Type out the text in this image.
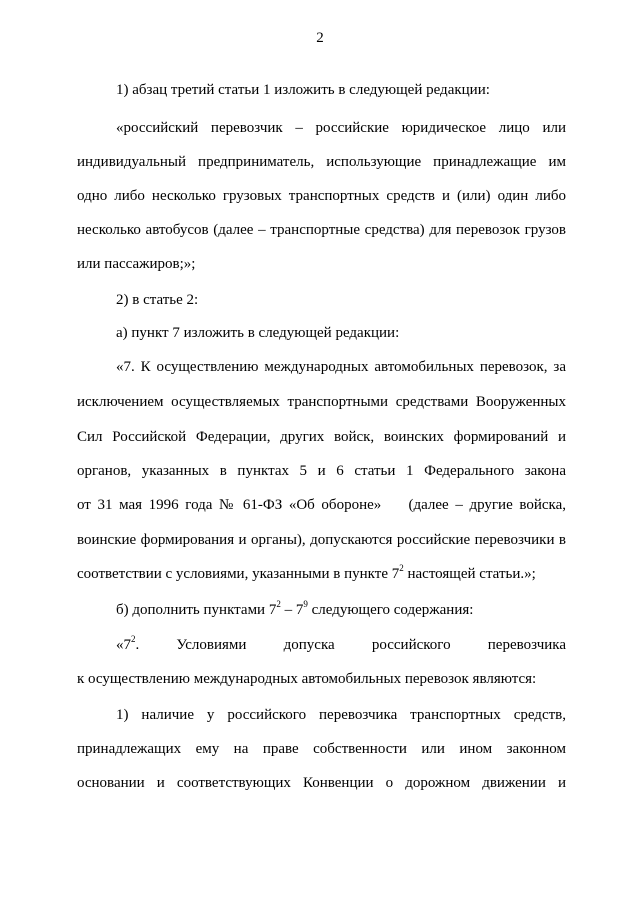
2
1) абзац третий статьи 1 изложить в следующей редакции:
«российский перевозчик – российские юридическое лицо или
индивидуальный предприниматель, использующие принадлежащие им
одно либо несколько грузовых транспортных средств и (или) один либо
несколько автобусов (далее – транспортные средства) для перевозок грузов
или пассажиров;»;
2) в статье 2:
а) пункт 7 изложить в следующей редакции:
«7. К осуществлению международных автомобильных перевозок, за
исключением осуществляемых транспортными средствами Вооруженных
Сил Российской Федерации, других войск, воинских формирований и
органов, указанных в пунктах 5 и 6 статьи 1 Федерального закона
от 31 мая 1996 года № 61-ФЗ «Об обороне» (далее – другие войска,
воинские формирования и органы), допускаются российские перевозчики в
соответствии с условиями, указанными в пункте $7^2$ настоящей статьи.»;
б) дополнить пунктами $7^2 - 7^9$ следующего содержания:
«$7^2$. Условиями допуска российского перевозчика
к осуществлению международных автомобильных перевозок являются:
1) наличие у российского перевозчика транспортных средств,
принадлежащих ему на праве собственности или ином законном
основании и соответствующих Конвенции о дорожном движении и
